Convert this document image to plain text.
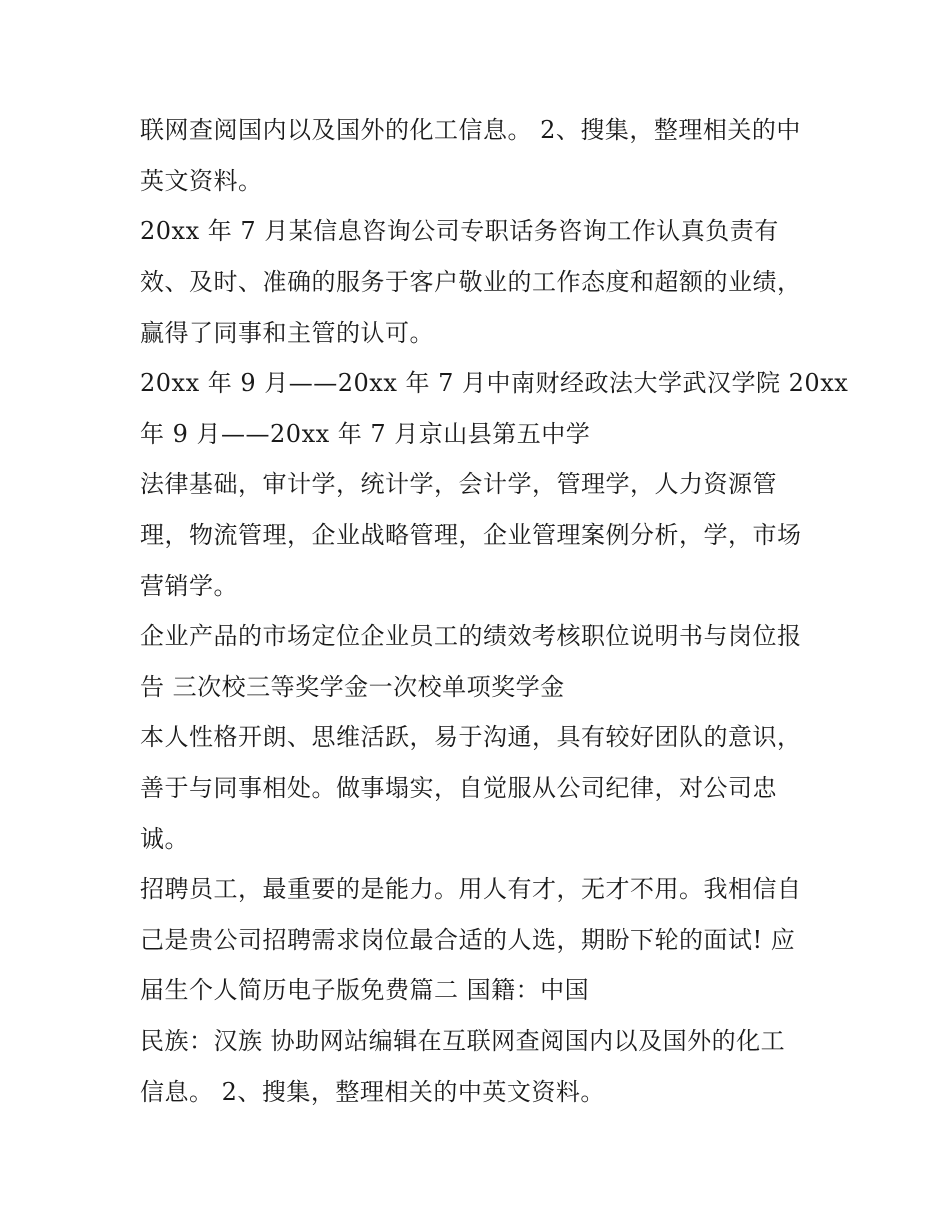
联网查阅国内以及国外的化工信息。 2、搜集，整理相关的中
英文资料。
20xx 年 7 月某信息咨询公司专职话务咨询工作认真负责有
效、及时、准确的服务于客户敬业的工作态度和超额的业绩，
赢得了同事和主管的认可。
20xx 年 9 月——20xx 年 7 月中南财经政法大学武汉学院 20xx
年 9 月——20xx 年 7 月京山县第五中学
法律基础，审计学，统计学，会计学，管理学，人力资源管
理，物流管理，企业战略管理，企业管理案例分析，学，市场
营销学。
企业产品的市场定位企业员工的绩效考核职位说明书与岗位报
告 三次校三等奖学金一次校单项奖学金
本人性格开朗、思维活跃，易于沟通，具有较好团队的意识，
善于与同事相处。做事塌实，自觉服从公司纪律，对公司忠
诚。
招聘员工，最重要的是能力。用人有才，无才不用。我相信自
己是贵公司招聘需求岗位最合适的人选，期盼下轮的面试! 应
届生个人简历电子版免费篇二 国籍：中国
民族：汉族 协助网站编辑在互联网查阅国内以及国外的化工
信息。 2、搜集，整理相关的中英文资料。
